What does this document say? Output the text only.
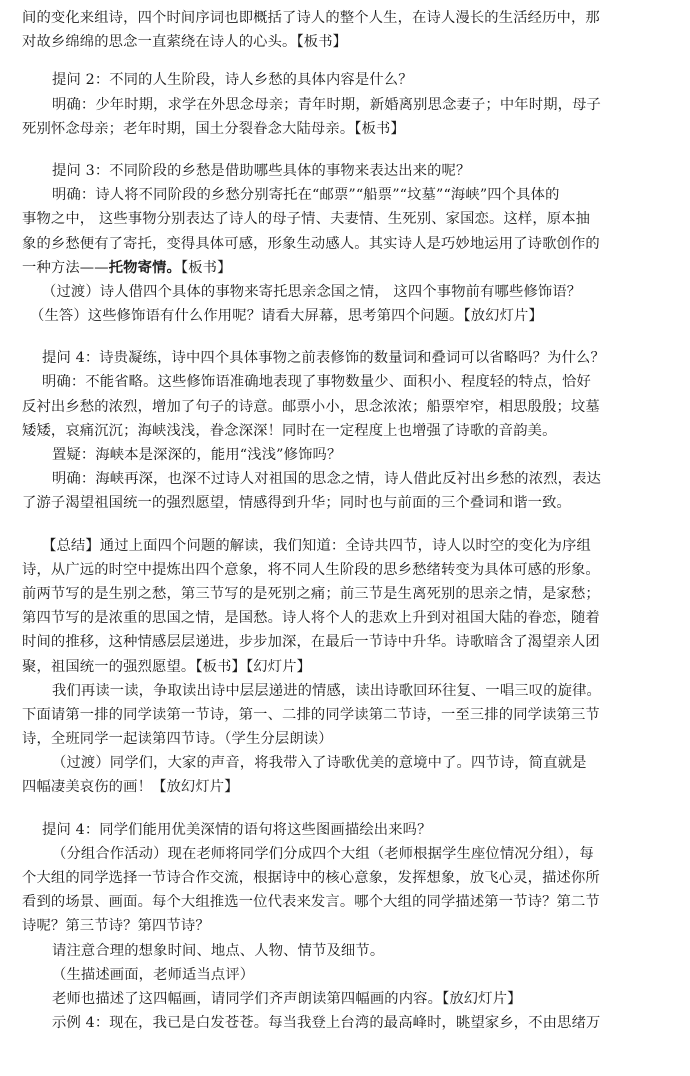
间的变化来组诗，四个时间序词也即概括了诗人的整个人生，在诗人漫长的生活经历中，那
对故乡绵绵的思念一直萦绕在诗人的心头。【板书】
提问 2：不同的人生阶段，诗人乡愁的具体内容是什么？
明确：少年时期，求学在外思念母亲；青年时期，新婚离别思念妻子；中年时期，母子
死别怀念母亲；老年时期，国土分裂眷念大陆母亲。【板书】
提问 3：不同阶段的乡愁是借助哪些具体的事物来表达出来的呢？
明确：诗人将不同阶段的乡愁分别寄托在“邮票”“船票”“坟墓”“海峡”四个具体的
事物之中， 这些事物分别表达了诗人的母子情、夫妻情、生死别、家国恋。这样，原本抽
象的乡愁便有了寄托，变得具体可感，形象生动感人。其实诗人是巧妙地运用了诗歌创作的
一种方法——托物寄情。【板书】
（过渡）诗人借四个具体的事物来寄托思亲念国之情， 这四个事物前有哪些修饰语？
（生答）这些修饰语有什么作用呢？请看大屏幕，思考第四个问题。【放幻灯片】
提问 4：诗贵凝练，诗中四个具体事物之前表修饰的数量词和叠词可以省略吗？为什么？
明确：不能省略。这些修饰语准确地表现了事物数量少、面积小、程度轻的特点，恰好
反衬出乡愁的浓烈，增加了句子的诗意。邮票小小，思念浓浓；船票窄窄，相思殷殷；坟墓
矮矮，哀痛沉沉；海峡浅浅，眷念深深！同时在一定程度上也增强了诗歌的音韵美。
置疑：海峡本是深深的，能用“浅浅”修饰吗？
明确：海峡再深，也深不过诗人对祖国的思念之情，诗人借此反衬出乡愁的浓烈，表达
了游子渴望祖国统一的强烈愿望，情感得到升华；同时也与前面的三个叠词和谐一致。
【总结】通过上面四个问题的解读，我们知道：全诗共四节，诗人以时空的变化为序组
诗，从广远的时空中提炼出四个意象，将不同人生阶段的思乡愁绪转变为具体可感的形象。
前两节写的是生别之愁，第三节写的是死别之痛；前三节是生离死别的思亲之情，是家愁；
第四节写的是浓重的思国之情，是国愁。诗人将个人的悲欢上升到对祖国大陆的眷恋，随着
时间的推移，这种情感层层递进，步步加深，在最后一节诗中升华。诗歌暗含了渴望亲人团
聚，祖国统一的强烈愿望。【板书】【幻灯片】
我们再读一读，争取读出诗中层层递进的情感，读出诗歌回环往复、一唱三叹的旋律。
下面请第一排的同学读第一节诗，第一、二排的同学读第二节诗，一至三排的同学读第三节
诗，全班同学一起读第四节诗。（学生分层朗读）
（过渡）同学们，大家的声音，将我带入了诗歌优美的意境中了。四节诗，简直就是
四幅凄美哀伤的画！【放幻灯片】
提问 4：同学们能用优美深情的语句将这些图画描绘出来吗？
（分组合作活动）现在老师将同学们分成四个大组（老师根据学生座位情况分组），每
个大组的同学选择一节诗合作交流，根据诗中的核心意象，发挥想象，放飞心灵，描述你所
看到的场景、画面。每个大组推选一位代表来发言。哪个大组的同学描述第一节诗？第二节
诗呢？第三节诗？第四节诗？
请注意合理的想象时间、地点、人物、情节及细节。
（生描述画面，老师适当点评）
老师也描述了这四幅画，请同学们齐声朗读第四幅画的内容。【放幻灯片】
示例 4：现在，我已是白发苍苍。每当我登上台湾的最高峰时，眺望家乡，不由思绪万
